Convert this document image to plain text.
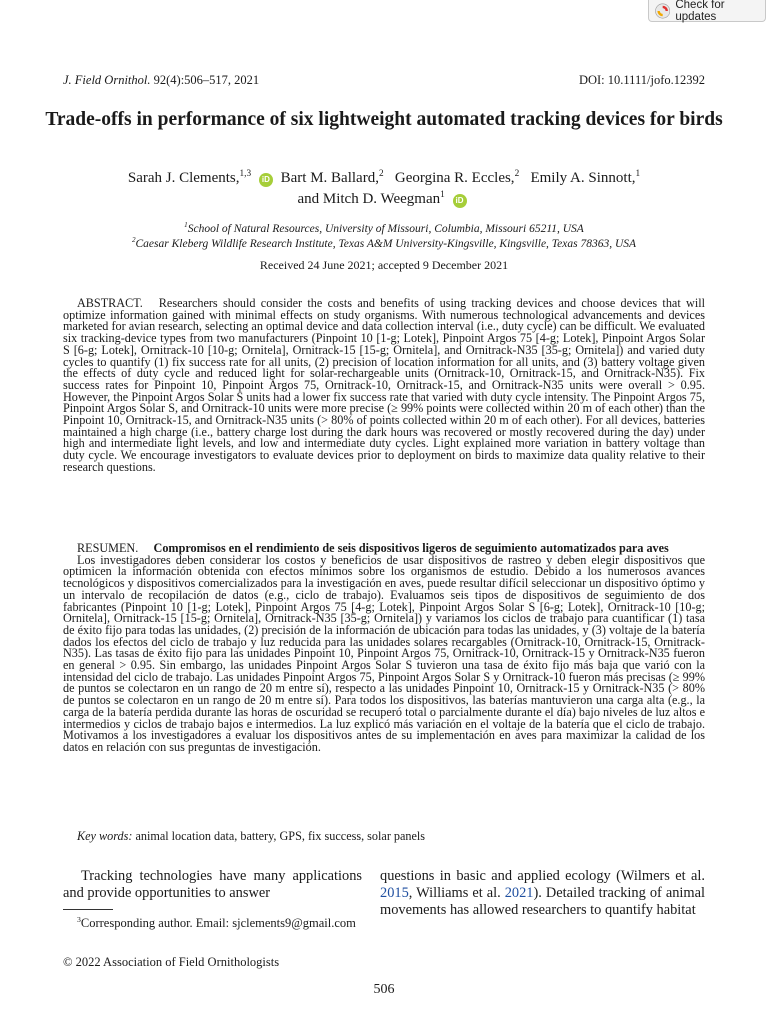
Check for updates
J. Field Ornithol. 92(4):506–517, 2021	DOI: 10.1111/jofo.12392
Trade-offs in performance of six lightweight automated tracking devices for birds
Sarah J. Clements,$^{1,3}$ iD Bart M. Ballard,$^2$ Georgina R. Eccles,$^2$ Emily A. Sinnott,$^1$
and Mitch D. Weegman$^1$ iD
$^1$School of Natural Resources, University of Missouri, Columbia, Missouri 65211, USA
$^2$Caesar Kleberg Wildlife Research Institute, Texas A&M University-Kingsville, Kingsville, Texas 78363, USA
Received 24 June 2021; accepted 9 December 2021
ABSTRACT. Researchers should consider the costs and benefits of using tracking devices and choose devices that will optimize information gained with minimal effects on study organisms. With numerous technological advancements and devices marketed for avian research, selecting an optimal device and data collection interval (i.e., duty cycle) can be difficult. We evaluated six tracking-device types from two manufacturers (Pinpoint 10 [1-g; Lotek], Pinpoint Argos 75 [4-g; Lotek], Pinpoint Argos Solar S [6-g; Lotek], Ornitrack-10 [10-g; Ornitela], Ornitrack-15 [15-g; Ornitela], and Ornitrack-N35 [35-g; Ornitela]) and varied duty cycles to quantify (1) fix success rate for all units, (2) precision of location information for all units, and (3) battery voltage given the effects of duty cycle and reduced light for solar-rechargeable units (Ornitrack-10, Ornitrack-15, and Ornitrack-N35). Fix success rates for Pinpoint 10, Pinpoint Argos 75, Ornitrack-10, Ornitrack-15, and Ornitrack-N35 units were overall > 0.95. However, the Pinpoint Argos Solar S units had a lower fix success rate that varied with duty cycle intensity. The Pinpoint Argos 75, Pinpoint Argos Solar S, and Ornitrack-10 units were more precise (≥ 99% points were collected within 20 m of each other) than the Pinpoint 10, Ornitrack-15, and Ornitrack-N35 units (> 80% of points collected within 20 m of each other). For all devices, batteries maintained a high charge (i.e., battery charge lost during the dark hours was recovered or mostly recovered during the day) under high and intermediate light levels, and low and intermediate duty cycles. Light explained more variation in battery voltage than duty cycle. We encourage investigators to evaluate devices prior to deployment on birds to maximize data quality relative to their research questions.
RESUMEN. Compromisos en el rendimiento de seis dispositivos ligeros de seguimiento automatizados para aves
Los investigadores deben considerar los costos y beneficios de usar dispositivos de rastreo y deben elegir dispositivos que optimicen la información obtenida con efectos mínimos sobre los organismos de estudio. Debido a los numerosos avances tecnológicos y dispositivos comercializados para la investigación en aves, puede resultar difícil seleccionar un dispositivo óptimo y un intervalo de recopilación de datos (e.g., ciclo de trabajo). Evaluamos seis tipos de dispositivos de seguimiento de dos fabricantes (Pinpoint 10 [1-g; Lotek], Pinpoint Argos 75 [4-g; Lotek], Pinpoint Argos Solar S [6-g; Lotek], Ornitrack-10 [10-g; Ornitela], Ornitrack-15 [15-g; Ornitela], Ornitrack-N35 [35-g; Ornitela]) y variamos los ciclos de trabajo para cuantificar (1) tasa de éxito fijo para todas las unidades, (2) precisión de la información de ubicación para todas las unidades, y (3) voltaje de la batería dados los efectos del ciclo de trabajo y luz reducida para las unidades solares recargables (Ornitrack-10, Ornitrack-15, Ornitrack-N35). Las tasas de éxito fijo para las unidades Pinpoint 10, Pinpoint Argos 75, Ornitrack-10, Ornitrack-15 y Ornitrack-N35 fueron en general > 0.95. Sin embargo, las unidades Pinpoint Argos Solar S tuvieron una tasa de éxito fijo más baja que varió con la intensidad del ciclo de trabajo. Las unidades Pinpoint Argos 75, Pinpoint Argos Solar S y Ornitrack-10 fueron más precisas (≥ 99% de puntos se colectaron en un rango de 20 m entre sí), respecto a las unidades Pinpoint 10, Ornitrack-15 y Ornitrack-N35 (> 80% de puntos se colectaron en un rango de 20 m entre sí). Para todos los dispositivos, las baterías mantuvieron una carga alta (e.g., la carga de la batería perdida durante las horas de oscuridad se recuperó total o parcialmente durante el día) bajo niveles de luz altos e intermedios y ciclos de trabajo bajos e intermedios. La luz explicó más variación en el voltaje de la batería que el ciclo de trabajo. Motivamos a los investigadores a evaluar los dispositivos antes de su implementación en aves para maximizar la calidad de los datos en relación con sus preguntas de investigación.
Key words: animal location data, battery, GPS, fix success, solar panels
Tracking technologies have many applications and provide opportunities to answer
questions in basic and applied ecology (Wilmers et al. 2015, Williams et al. 2021). Detailed tracking of animal movements has allowed researchers to quantify habitat
$^3$Corresponding author. Email: sjclements9@gmail.com
© 2022 Association of Field Ornithologists
506
